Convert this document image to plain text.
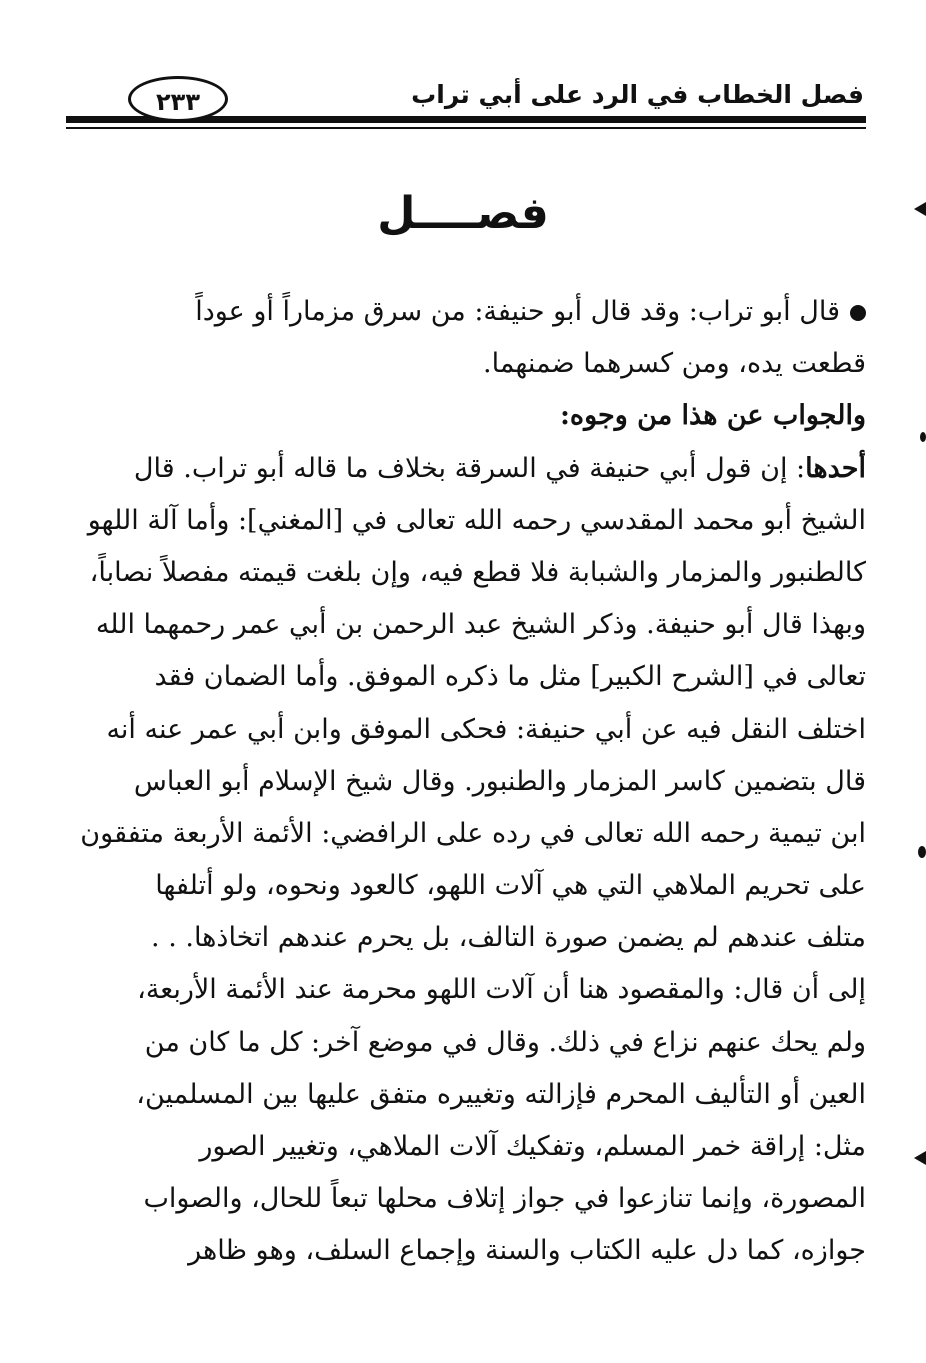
فصل الخطاب في الرد على أبي تراب
٢٣٣
فصــــل
قال أبو تراب: وقد قال أبو حنيفة: من سرق مزماراً أو عوداً
قطعت يده، ومن كسرهما ضمنهما.
والجواب عن هذا من وجوه:
أحدها: إن قول أبي حنيفة في السرقة بخلاف ما قاله أبو تراب. قال
الشيخ أبو محمد المقدسي رحمه الله تعالى في [المغني]: وأما آلة اللهو
كالطنبور والمزمار والشبابة فلا قطع فيه، وإن بلغت قيمته مفصلاً نصاباً،
وبهذا قال أبو حنيفة. وذكر الشيخ عبد الرحمن بن أبي عمر رحمهما الله
تعالى في [الشرح الكبير] مثل ما ذكره الموفق. وأما الضمان فقد
اختلف النقل فيه عن أبي حنيفة: فحكى الموفق وابن أبي عمر عنه أنه
قال بتضمين كاسر المزمار والطنبور. وقال شيخ الإسلام أبو العباس
ابن تيمية رحمه الله تعالى في رده على الرافضي: الأئمة الأربعة متفقون
على تحريم الملاهي التي هي آلات اللهو، كالعود ونحوه، ولو أتلفها
متلف عندهم لم يضمن صورة التالف، بل يحرم عندهم اتخاذها. . .
إلى أن قال: والمقصود هنا أن آلات اللهو محرمة عند الأئمة الأربعة،
ولم يحك عنهم نزاع في ذلك. وقال في موضع آخر: كل ما كان من
العين أو التأليف المحرم فإزالته وتغييره متفق عليها بين المسلمين،
مثل: إراقة خمر المسلم، وتفكيك آلات الملاهي، وتغيير الصور
المصورة، وإنما تنازعوا في جواز إتلاف محلها تبعاً للحال، والصواب
جوازه، كما دل عليه الكتاب والسنة وإجماع السلف، وهو ظاهر
